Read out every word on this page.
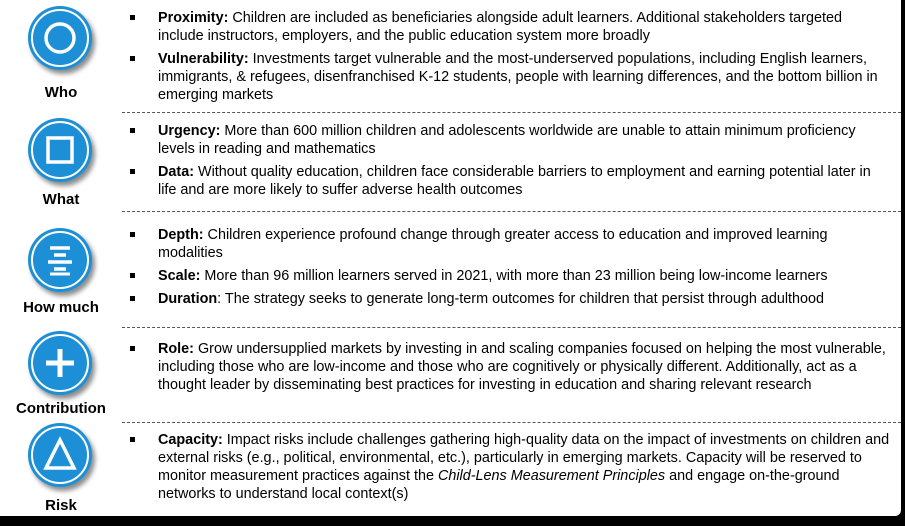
Who
Proximity: Children are included as beneficiaries alongside adult learners. Additional stakeholders targeted include instructors, employers, and the public education system more broadly
Vulnerability: Investments target vulnerable and the most-underserved populations, including English learners, immigrants, & refugees, disenfranchised K-12 students, people with learning differences, and the bottom billion in emerging markets
What
Urgency: More than 600 million children and adolescents worldwide are unable to attain minimum proficiency levels in reading and mathematics
Data: Without quality education, children face considerable barriers to employment and earning potential later in life and are more likely to suffer adverse health outcomes
How much
Depth: Children experience profound change through greater access to education and improved learning modalities
Scale: More than 96 million learners served in 2021, with more than 23 million being low-income learners
Duration: The strategy seeks to generate long-term outcomes for children that persist through adulthood
Contribution
Role: Grow undersupplied markets by investing in and scaling companies focused on helping the most vulnerable, including those who are low-income and those who are cognitively or physically different. Additionally, act as a thought leader by disseminating best practices for investing in education and sharing relevant research
Risk
Capacity: Impact risks include challenges gathering high-quality data on the impact of investments on children and external risks (e.g., political, environmental, etc.), particularly in emerging markets. Capacity will be reserved to monitor measurement practices against the Child-Lens Measurement Principles and engage on-the-ground networks to understand local context(s)
